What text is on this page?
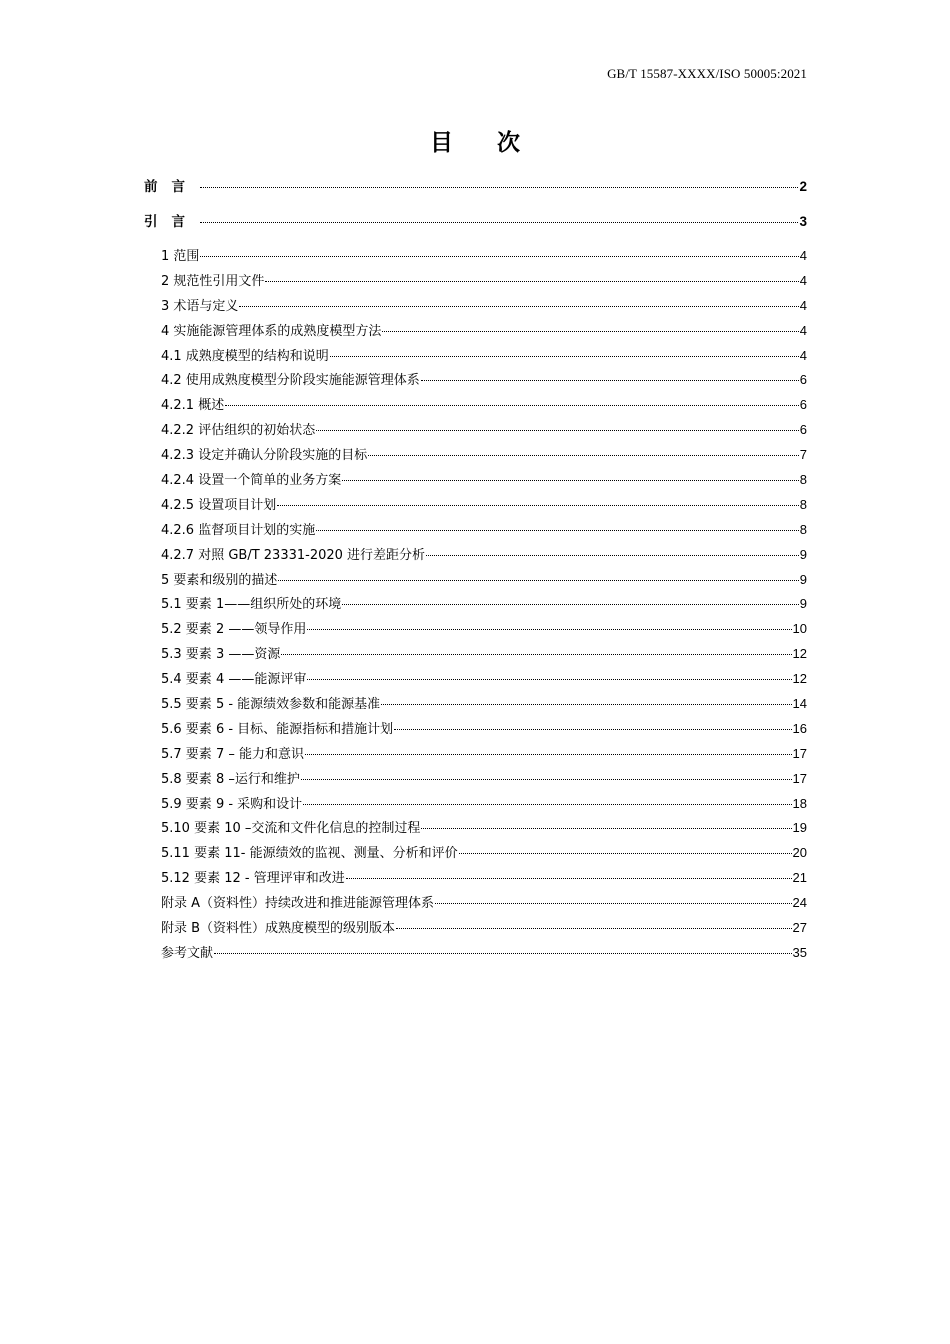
GB/T 15587-XXXX/ISO 50005:2021
目次
前言	2
引言	3
1 范围	4
2 规范性引用文件	4
3 术语与定义	4
4 实施能源管理体系的成熟度模型方法	4
4.1 成熟度模型的结构和说明	4
4.2 使用成熟度模型分阶段实施能源管理体系	6
4.2.1 概述	6
4.2.2 评估组织的初始状态	6
4.2.3 设定并确认分阶段实施的目标	7
4.2.4 设置一个简单的业务方案	8
4.2.5 设置项目计划	8
4.2.6 监督项目计划的实施	8
4.2.7 对照 GB/T 23331-2020 进行差距分析	9
5 要素和级别的描述	9
5.1 要素 1——组织所处的环境	9
5.2 要素 2 ——领导作用	10
5.3 要素 3 ——资源	12
5.4 要素 4 ——能源评审	12
5.5 要素 5 - 能源绩效参数和能源基准	14
5.6 要素 6 - 目标、能源指标和措施计划	16
5.7 要素 7 – 能力和意识	17
5.8 要素 8 –运行和维护	17
5.9 要素 9 - 采购和设计	18
5.10 要素 10 –交流和文件化信息的控制过程	19
5.11 要素 11- 能源绩效的监视、测量、分析和评价	20
5.12 要素 12 - 管理评审和改进	21
附录 A（资料性）持续改进和推进能源管理体系	24
附录 B（资料性）成熟度模型的级别版本	27
参考文献	35
